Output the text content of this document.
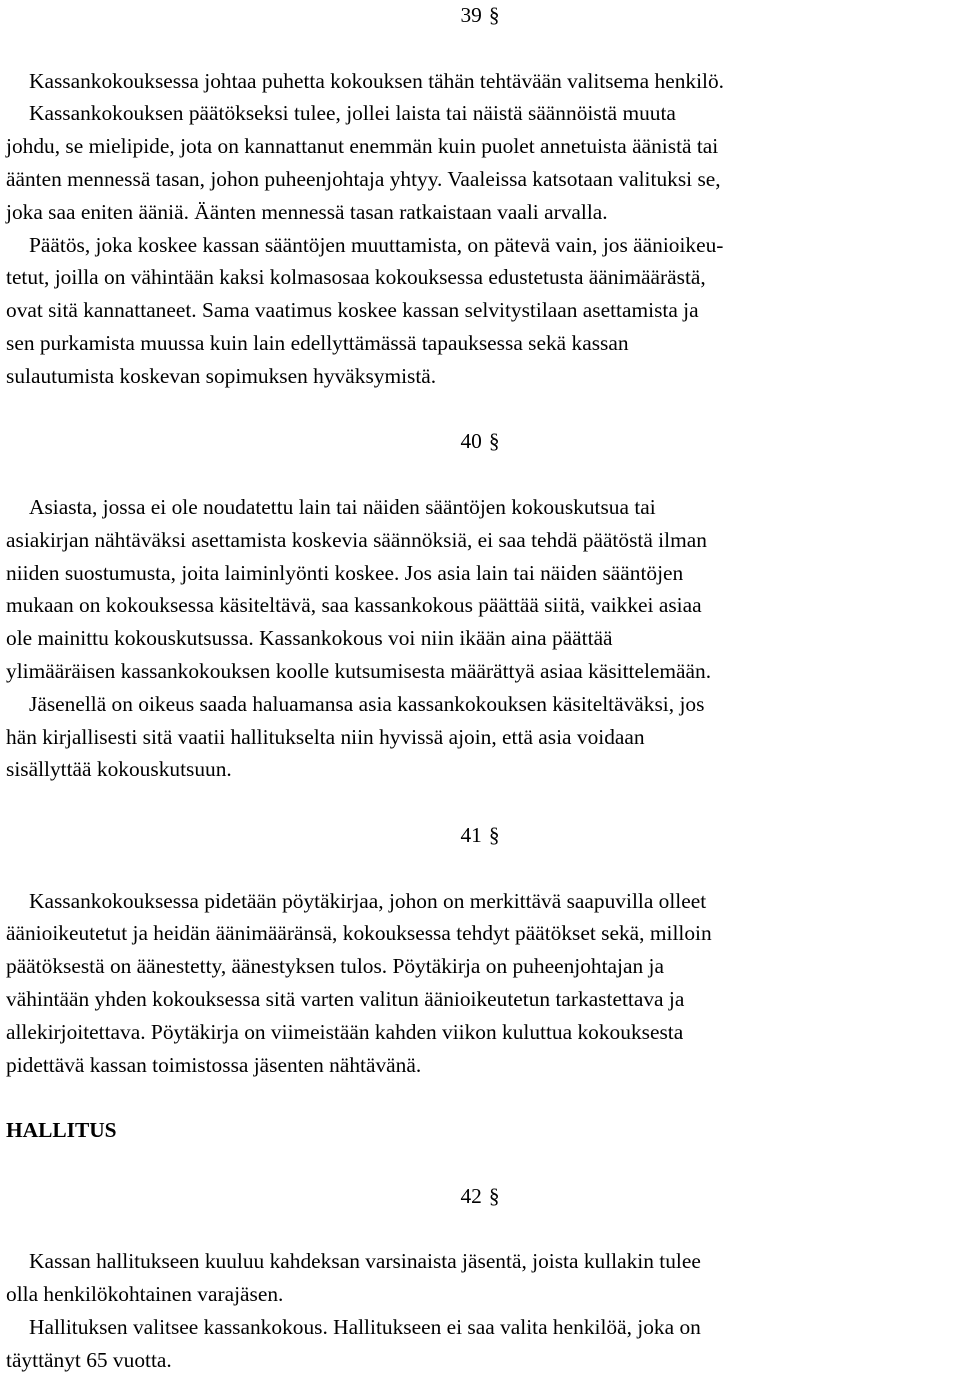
39 §
Kassankokouksessa johtaa puhetta kokouksen tähän tehtävään valitsema henkilö.
Kassankokouksen päätökseksi tulee, jollei laista tai näistä säännöistä muuta
johdu, se mielipide, jota on kannattanut enemmän kuin puolet annetuista äänistä tai
äänten mennessä tasan, johon puheenjohtaja yhtyy. Vaaleissa katsotaan valituksi se,
joka saa eniten ääniä. Äänten mennessä tasan ratkaistaan vaali arvalla.
Päätös, joka koskee kassan sääntöjen muuttamista, on pätevä vain, jos äänioikeu-
tetut, joilla on vähintään kaksi kolmasosaa kokouksessa edustetusta äänimäärästä,
ovat sitä kannattaneet. Sama vaatimus koskee kassan selvitystilaan asettamista ja
sen purkamista muussa kuin lain edellyttämässä tapauksessa sekä kassan
sulautumista koskevan sopimuksen hyväksymistä.
40 §
Asiasta, jossa ei ole noudatettu lain tai näiden sääntöjen kokouskutsua tai
asiakirjan nähtäväksi asettamista koskevia säännöksiä, ei saa tehdä päätöstä ilman
niiden suostumusta, joita laiminlyönti koskee. Jos asia lain tai näiden sääntöjen
mukaan on kokouksessa käsiteltävä, saa kassankokous päättää siitä, vaikkei asiaa
ole mainittu kokouskutsussa. Kassankokous voi niin ikään aina päättää
ylimääräisen kassankokouksen koolle kutsumisesta määrättyä asiaa käsittelemään.
Jäsenellä on oikeus saada haluamansa asia kassankokouksen käsiteltäväksi, jos
hän kirjallisesti sitä vaatii hallitukselta niin hyvissä ajoin, että asia voidaan
sisällyttää kokouskutsuun.
41 §
Kassankokouksessa pidetään pöytäkirjaa, johon on merkittävä saapuvilla olleet
äänioikeutetut ja heidän äänimääränsä, kokouksessa tehdyt päätökset sekä, milloin
päätöksestä on äänestetty, äänestyksen tulos. Pöytäkirja on puheenjohtajan ja
vähintään yhden kokouksessa sitä varten valitun äänioikeutetun tarkastettava ja
allekirjoitettava. Pöytäkirja on viimeistään kahden viikon kuluttua kokouksesta
pidettävä kassan toimistossa jäsenten nähtävänä.
HALLITUS
42 §
Kassan hallitukseen kuuluu kahdeksan varsinaista jäsentä, joista kullakin tulee
olla henkilökohtainen varajäsen.
Hallituksen valitsee kassankokous. Hallitukseen ei saa valita henkilöä, joka on
täyttänyt 65 vuotta.
